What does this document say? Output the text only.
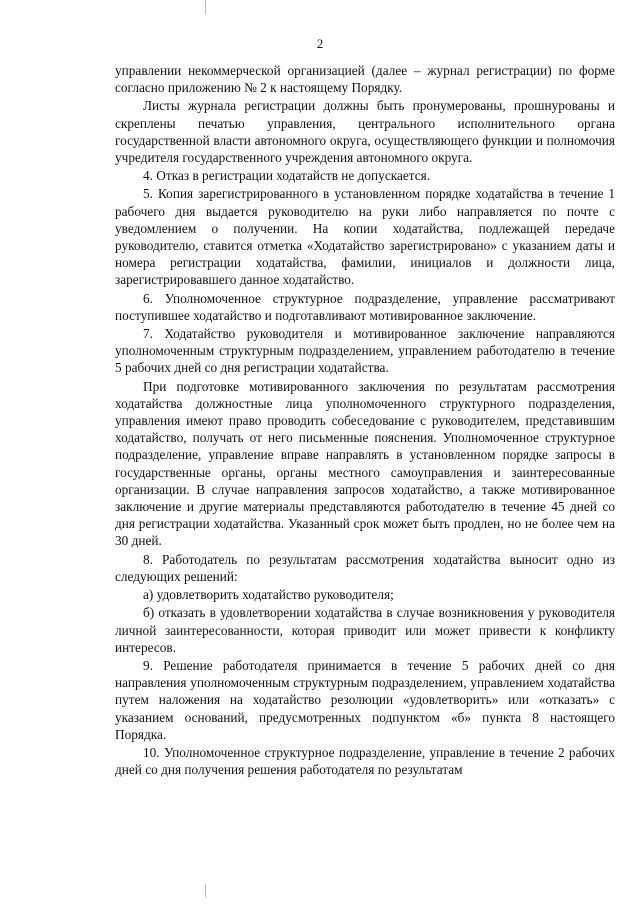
2

управлении некоммерческой организацией (далее – журнал регистрации) по форме согласно приложению № 2 к настоящему Порядку.

Листы журнала регистрации должны быть пронумерованы, прошнурованы и скреплены печатью управления, центрального исполнительного органа государственной власти автономного округа, осуществляющего функции и полномочия учредителя государственного учреждения автономного округа.

4. Отказ в регистрации ходатайств не допускается.

5. Копия зарегистрированного в установленном порядке ходатайства в течение 1 рабочего дня выдается руководителю на руки либо направляется по почте с уведомлением о получении. На копии ходатайства, подлежащей передаче руководителю, ставится отметка «Ходатайство зарегистрировано» с указанием даты и номера регистрации ходатайства, фамилии, инициалов и должности лица, зарегистрировавшего данное ходатайство.

6. Уполномоченное структурное подразделение, управление рассматривают поступившее ходатайство и подготавливают мотивированное заключение.

7. Ходатайство руководителя и мотивированное заключение направляются уполномоченным структурным подразделением, управлением работодателю в течение 5 рабочих дней со дня регистрации ходатайства.

При подготовке мотивированного заключения по результатам рассмотрения ходатайства должностные лица уполномоченного структурного подразделения, управления имеют право проводить собеседование с руководителем, представившим ходатайство, получать от него письменные пояснения. Уполномоченное структурное подразделение, управление вправе направлять в установленном порядке запросы в государственные органы, органы местного самоуправления и заинтересованные организации. В случае направления запросов ходатайство, а также мотивированное заключение и другие материалы представляются работодателю в течение 45 дней со дня регистрации ходатайства. Указанный срок может быть продлен, но не более чем на 30 дней.

8. Работодатель по результатам рассмотрения ходатайства выносит одно из следующих решений:

а) удовлетворить ходатайство руководителя;

б) отказать в удовлетворении ходатайства в случае возникновения у руководителя личной заинтересованности, которая приводит или может привести к конфликту интересов.

9. Решение работодателя принимается в течение 5 рабочих дней со дня направления уполномоченным структурным подразделением, управлением ходатайства путем наложения на ходатайство резолюции «удовлетворить» или «отказать» с указанием оснований, предусмотренных подпунктом «б» пункта 8 настоящего Порядка.

10. Уполномоченное структурное подразделение, управление в течение 2 рабочих дней со дня получения решения работодателя по результатам
